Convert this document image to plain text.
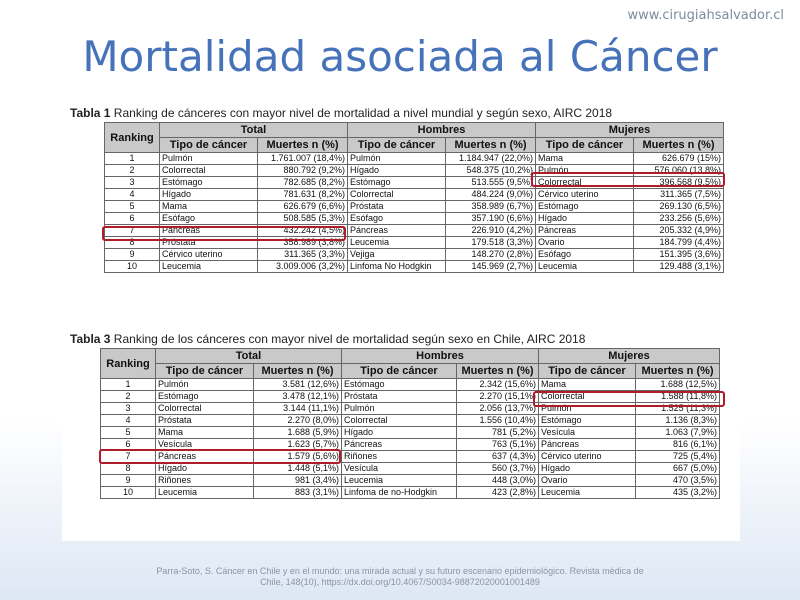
www.cirugiahsalvador.cl
Mortalidad asociada al Cáncer
Tabla 1 Ranking de cánceres con mayor nivel de mortalidad a nivel mundial y según sexo, AIRC 2018
Ranking	Total		Hombres		Mujeres	
	Tipo de cáncer	Muertes n (%)	Tipo de cáncer	Muertes n (%)	Tipo de cáncer	Muertes n (%)
1	Pulmón	1.761.007 (18,4%)	Pulmón	1.184.947 (22,0%)	Mama	626.679 (15%)
2	Colorrectal	880.792 (9,2%)	Hígado	548.375 (10,2%)	Pulmón	576.060 (13,8%)
3	Estómago	782.685 (8,2%)	Estómago	513.555 (9,5%)	Colorrectal	396.568 (9,5%)
4	Hígado	781.631 (8,2%)	Colorrectal	484.224 (9,0%)	Cérvico uterino	311.365 (7,5%)
5	Mama	626.679 (6,6%)	Próstata	358.989 (6,7%)	Estómago	269.130 (6,5%)
6	Esófago	508.585 (5,3%)	Esófago	357.190 (6,6%)	Hígado	233.256 (5,6%)
7	Páncreas	432.242 (4,5%)	Páncreas	226.910 (4,2%)	Páncreas	205.332 (4,9%)
8	Próstata	358.989 (3,8%)	Leucemia	179.518 (3,3%)	Ovario	184.799 (4,4%)
9	Cérvico uterino	311.365 (3,3%)	Vejiga	148.270 (2,8%)	Esófago	151.395 (3,6%)
10	Leucemia	3.009.006 (3,2%)	Linfoma No Hodgkin	145.969 (2,7%)	Leucemia	129.488 (3,1%)
Tabla 3 Ranking de los cánceres con mayor nivel de mortalidad según sexo en Chile, AIRC 2018
Ranking	Total		Hombres		Mujeres	
	Tipo de cáncer	Muertes n (%)	Tipo de cáncer	Muertes n (%)	Tipo de cáncer	Muertes n (%)
1	Pulmón	3.581 (12,6%)	Estómago	2.342 (15,6%)	Mama	1.688 (12,5%)
2	Estómago	3.478 (12,1%)	Próstata	2.270 (15,1%)	Colorrectal	1.588 (11,8%)
3	Colorrectal	3.144 (11,1%)	Pulmón	2.056 (13,7%)	Pulmón	1.525 (11,3%)
4	Próstata	2.270 (8,0%)	Colorrectal	1.556 (10,4%)	Estómago	1.136 (8,3%)
5	Mama	1.688 (5,9%)	Hígado	781 (5,2%)	Vesícula	1.063 (7,9%)
6	Vesícula	1.623 (5,7%)	Páncreas	763 (5,1%)	Páncreas	816 (6,1%)
7	Páncreas	1.579 (5,6%)	Riñones	637 (4,3%)	Cérvico uterino	725 (5,4%)
8	Hígado	1.448 (5,1%)	Vesícula	560 (3,7%)	Hígado	667 (5,0%)
9	Riñones	981 (3,4%)	Leucemia	448 (3,0%)	Ovario	470 (3,5%)
10	Leucemia	883 (3,1%)	Linfoma de no-Hodgkin	423 (2,8%)	Leucemia	435 (3,2%)
Parra-Soto, S. Cáncer en Chile y en el mundo: una mirada actual y su futuro escenario epidemiológico. Revista médica de
Chile, 148(10), https://dx.doi.org/10.4067/S0034-98872020001001489
